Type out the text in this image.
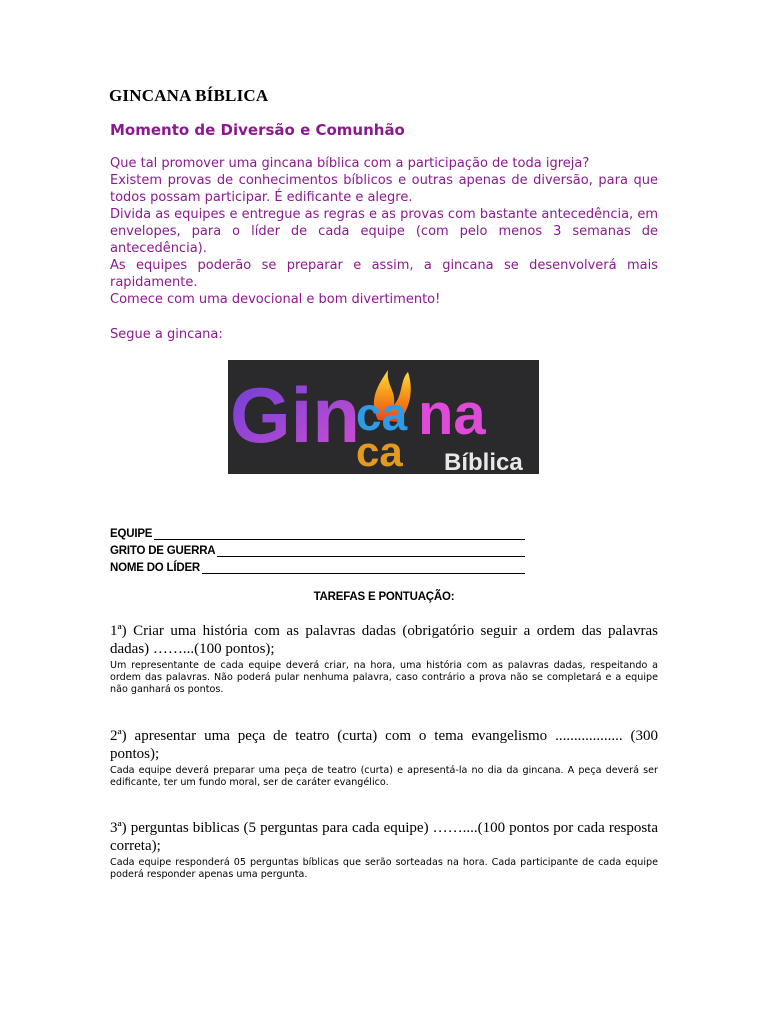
GINCANA BÍBLICA
Momento de Diversão e Comunhão

Que tal promover uma gincana bíblica com a participação de toda igreja?

Existem provas de conhecimentos bíblicos e outras apenas de diversão, para que todos possam participar. É edificante e alegre.

Divida as equipes e entregue as regras e as provas com bastante antecedência, em envelopes, para o líder de cada equipe (com pelo menos 3 semanas de antecedência).

As equipes poderão se preparar e assim, a gincana se desenvolverá mais rapidamente.

Comece com uma devocional e bom divertimento!

Segue a gincana:
Gin
ca na
ca Bíblica
EQUIPE
GRITO DE GUERRA
NOME DO LÍDER
TAREFAS E PONTUAÇÃO:

1ª) Criar uma história com as palavras dadas (obrigatório seguir a ordem das palavras dadas) ……...(100 pontos);

Um representante de cada equipe deverá criar, na hora, uma história com as palavras dadas, respeitando a ordem das palavras. Não poderá pular nenhuma palavra, caso contrário a prova não se completará e a equipe não ganhará os pontos.

2ª) apresentar uma peça de teatro (curta) com o tema evangelismo .................. (300 pontos);

Cada equipe deverá preparar uma peça de teatro (curta) e apresentá-la no dia da gincana. A peça deverá ser edificante, ter um fundo moral, ser de caráter evangélico.

3ª) perguntas biblicas (5 perguntas para cada equipe) ……....(100 pontos por cada resposta correta);

Cada equipe responderá 05 perguntas bíblicas que serão sorteadas na hora. Cada participante de cada equipe poderá responder apenas uma pergunta.
